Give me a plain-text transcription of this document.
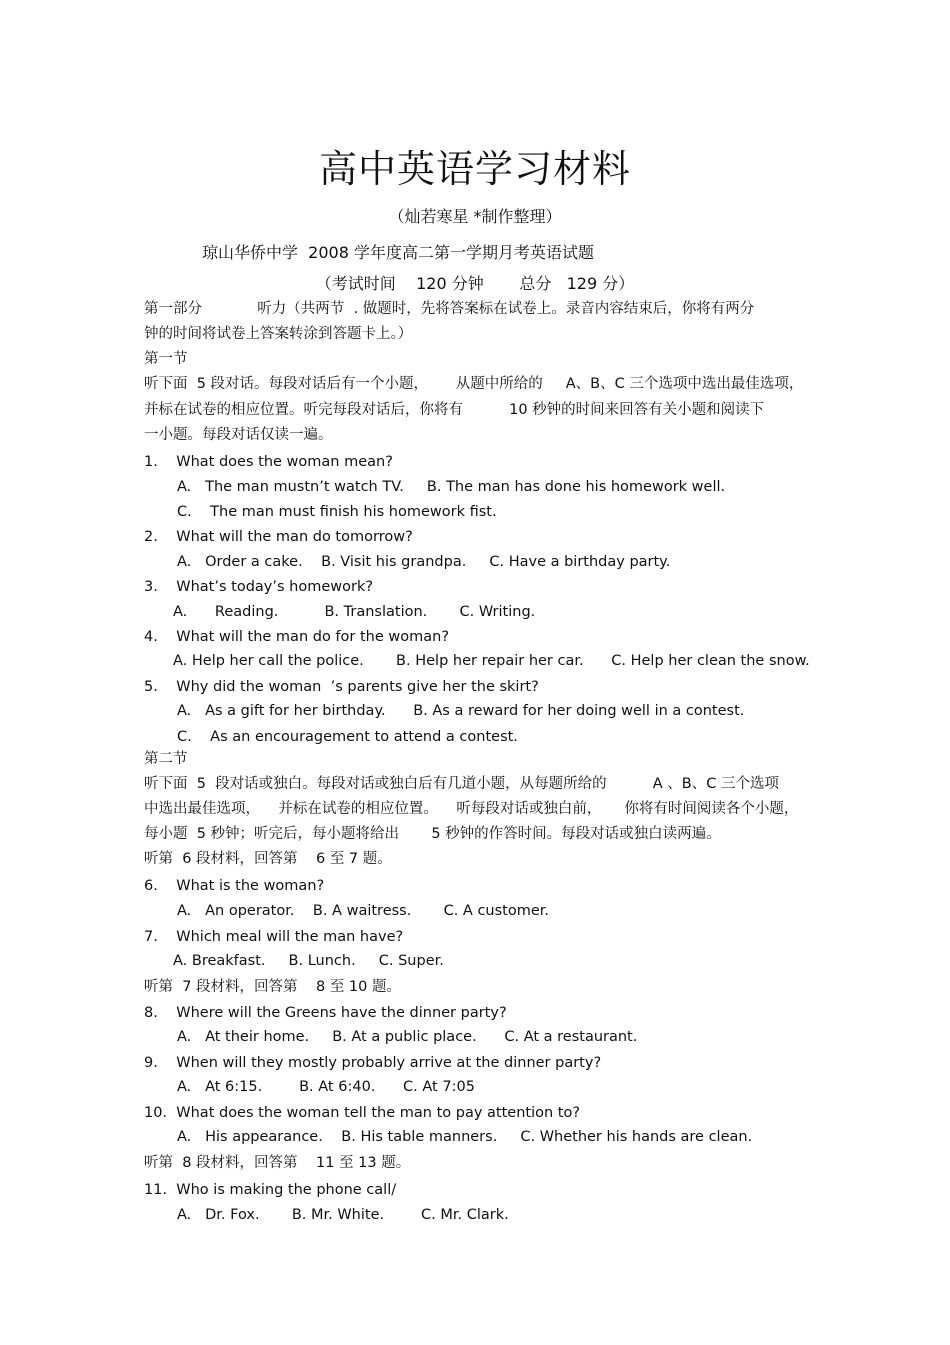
高中英语学习材料
（灿若寒星 *制作整理）
琼山华侨中学  2008 学年度高二第一学期月考英语试题
（考试时间    120 分钟       总分   129 分）
第一部分            听力（共两节  . 做题时，先将答案标在试卷上。录音内容结束后，你将有两分
钟的时间将试卷上答案转涂到答题卡上。）
第一节
听下面  5 段对话。每段对话后有一个小题，      从题中所给的     A、B、C 三个选项中选出最佳选项，
并标在试卷的相应位置。听完每段对话后，你将有          10 秒钟的时间来回答有关小题和阅读下
一小题。每段对话仅读一遍。
1.    What does the woman mean?
A.   The man mustn’t watch TV.     B. The man has done his homework well.
C.    The man must finish his homework fist.
2.    What will the man do tomorrow?
A.   Order a cake.    B. Visit his grandpa.     C. Have a birthday party.
3.    What’s today’s homework?
A.      Reading.          B. Translation.       C. Writing.
4.    What will the man do for the woman?
A. Help her call the police.       B. Help her repair her car.      C. Help her clean the snow.
5.    Why did the woman  ’s parents give her the skirt?
A.   As a gift for her birthday.      B. As a reward for her doing well in a contest.
C.    As an encouragement to attend a contest.
第二节
听下面  5  段对话或独白。每段对话或独白后有几道小题，从每题所给的          A 、B、C 三个选项
中选出最佳选项，    并标在试卷的相应位置。    听每段对话或独白前，     你将有时间阅读各个小题，
每小题  5 秒钟；听完后，每小题将给出       5 秒钟的作答时间。每段对话或独白读两遍。
听第  6 段材料，回答第    6 至 7 题。
6.    What is the woman?
A.   An operator.    B. A waitress.       C. A customer.
7.    Which meal will the man have?
A. Breakfast.     B. Lunch.     C. Super.
听第  7 段材料，回答第    8 至 10 题。
8.    Where will the Greens have the dinner party?
A.   At their home.     B. At a public place.      C. At a restaurant.
9.    When will they mostly probably arrive at the dinner party?
A.   At 6:15.        B. At 6:40.      C. At 7:05
10.  What does the woman tell the man to pay attention to?
A.   His appearance.    B. His table manners.     C. Whether his hands are clean.
听第  8 段材料，回答第    11 至 13 题。
11.  Who is making the phone call/
A.   Dr. Fox.       B. Mr. White.        C. Mr. Clark.
